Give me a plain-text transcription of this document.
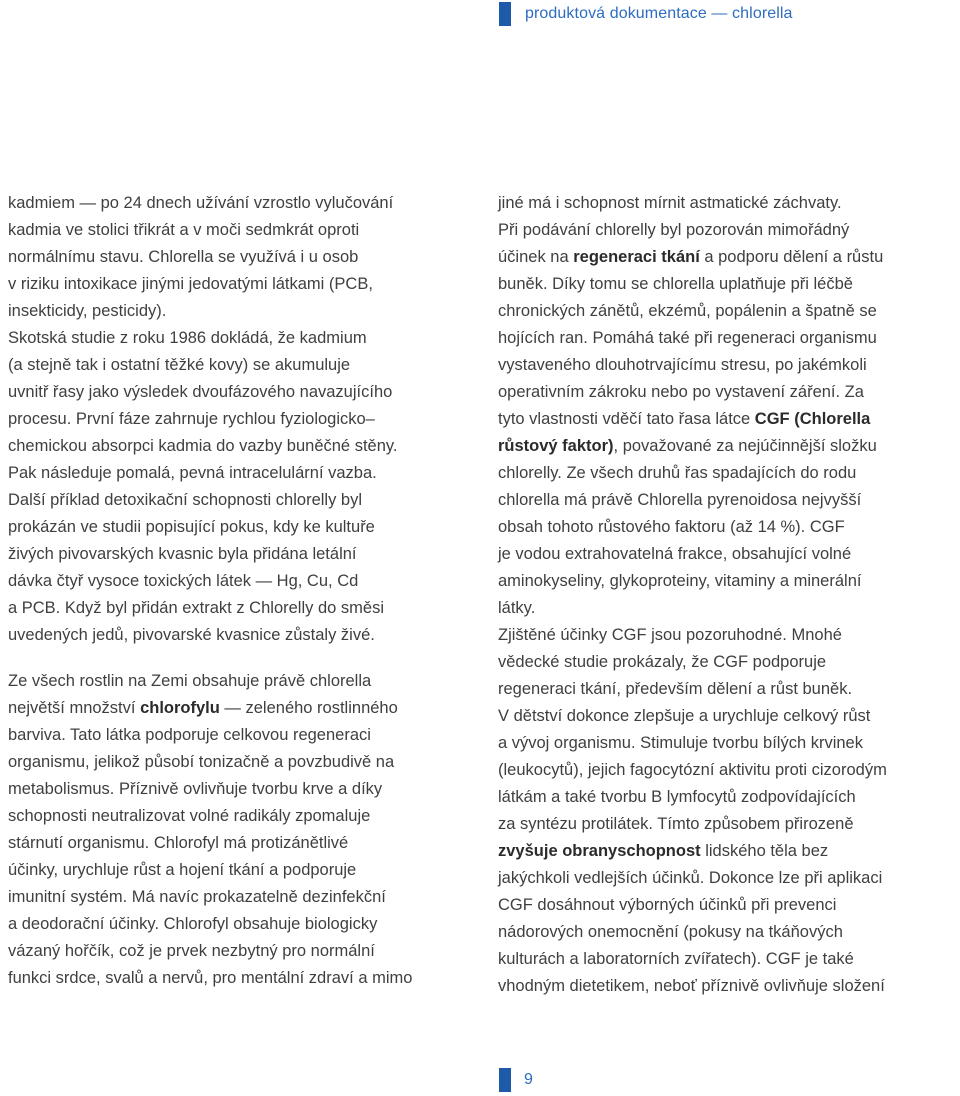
produktová dokumentace — chlorella
kadmiem — po 24 dnech užívání vzrostlo vylučování
kadmia ve stolici třikrát a v moči sedmkrát oproti
normálnímu stavu. Chlorella se využívá i u osob
v riziku intoxikace jinými jedovatými látkami (PCB,
insekticidy, pesticidy).
Skotská studie z roku 1986 dokládá, že kadmium
(a stejně tak i ostatní těžké kovy) se akumuluje
uvnitř řasy jako výsledek dvoufázového navazujícího
procesu. První fáze zahrnuje rychlou fyziologicko–
chemickou absorpci kadmia do vazby buněčné stěny.
Pak následuje pomalá, pevná intracelulární vazba.
Další příklad detoxikační schopnosti chlorelly byl
prokázán ve studii popisující pokus, kdy ke kultuře
živých pivovarských kvasnic byla přidána letální
dávka čtyř vysoce toxických látek — Hg, Cu, Cd
a PCB. Když byl přidán extrakt z Chlorelly do směsi
uvedených jedů, pivovarské kvasnice zůstaly živé.
Ze všech rostlin na Zemi obsahuje právě chlorella
největší množství chlorofylu — zeleného rostlinného
barviva. Tato látka podporuje celkovou regeneraci
organismu, jelikož působí tonizačně a povzbudivě na
metabolismus. Příznivě ovlivňuje tvorbu krve a díky
schopnosti neutralizovat volné radikály zpomaluje
stárnutí organismu. Chlorofyl má protizánětlivé
účinky, urychluje růst a hojení tkání a podporuje
imunitní systém. Má navíc prokazatelně dezinfekční
a deodorační účinky. Chlorofyl obsahuje biologicky
vázaný hořčík, což je prvek nezbytný pro normální
funkci srdce, svalů a nervů, pro mentální zdraví a mimo
jiné má i schopnost mírnit astmatické záchvaty.
Při podávání chlorelly byl pozorován mimořádný
účinek na regeneraci tkání a podporu dělení a růstu
buněk. Díky tomu se chlorella uplatňuje při léčbě
chronických zánětů, ekzémů, popálenin a špatně se
hojících ran. Pomáhá také při regeneraci organismu
vystaveného dlouhotrvajícímu stresu, po jakémkoli
operativním zákroku nebo po vystavení záření. Za
tyto vlastnosti vděčí tato řasa látce CGF (Chlorella
růstový faktor), považované za nejúčinnější složku
chlorelly. Ze všech druhů řas spadajících do rodu
chlorella má právě Chlorella pyrenoidosa nejvyšší
obsah tohoto růstového faktoru (až 14 %). CGF
je vodou extrahovatelná frakce, obsahující volné
aminokyseliny, glykoproteiny, vitaminy a minerální
látky.
Zjištěné účinky CGF jsou pozoruhodné. Mnohé
vědecké studie prokázaly, že CGF podporuje
regeneraci tkání, především dělení a růst buněk.
V dětství dokonce zlepšuje a urychluje celkový růst
a vývoj organismu. Stimuluje tvorbu bílých krvinek
(leukocytů), jejich fagocytózní aktivitu proti cizorodým
látkám a také tvorbu B lymfocytů zodpovídajících
za syntézu protilátek. Tímto způsobem přirozeně
zvyšuje obranyschopnost lidského těla bez
jakýchkoli vedlejších účinků. Dokonce lze při aplikaci
CGF dosáhnout výborných účinků při prevenci
nádorových onemocnění (pokusy na tkáňových
kulturách a laboratorních zvířatech). CGF je také
vhodným dietetikem, neboť příznivě ovlivňuje složení
9
